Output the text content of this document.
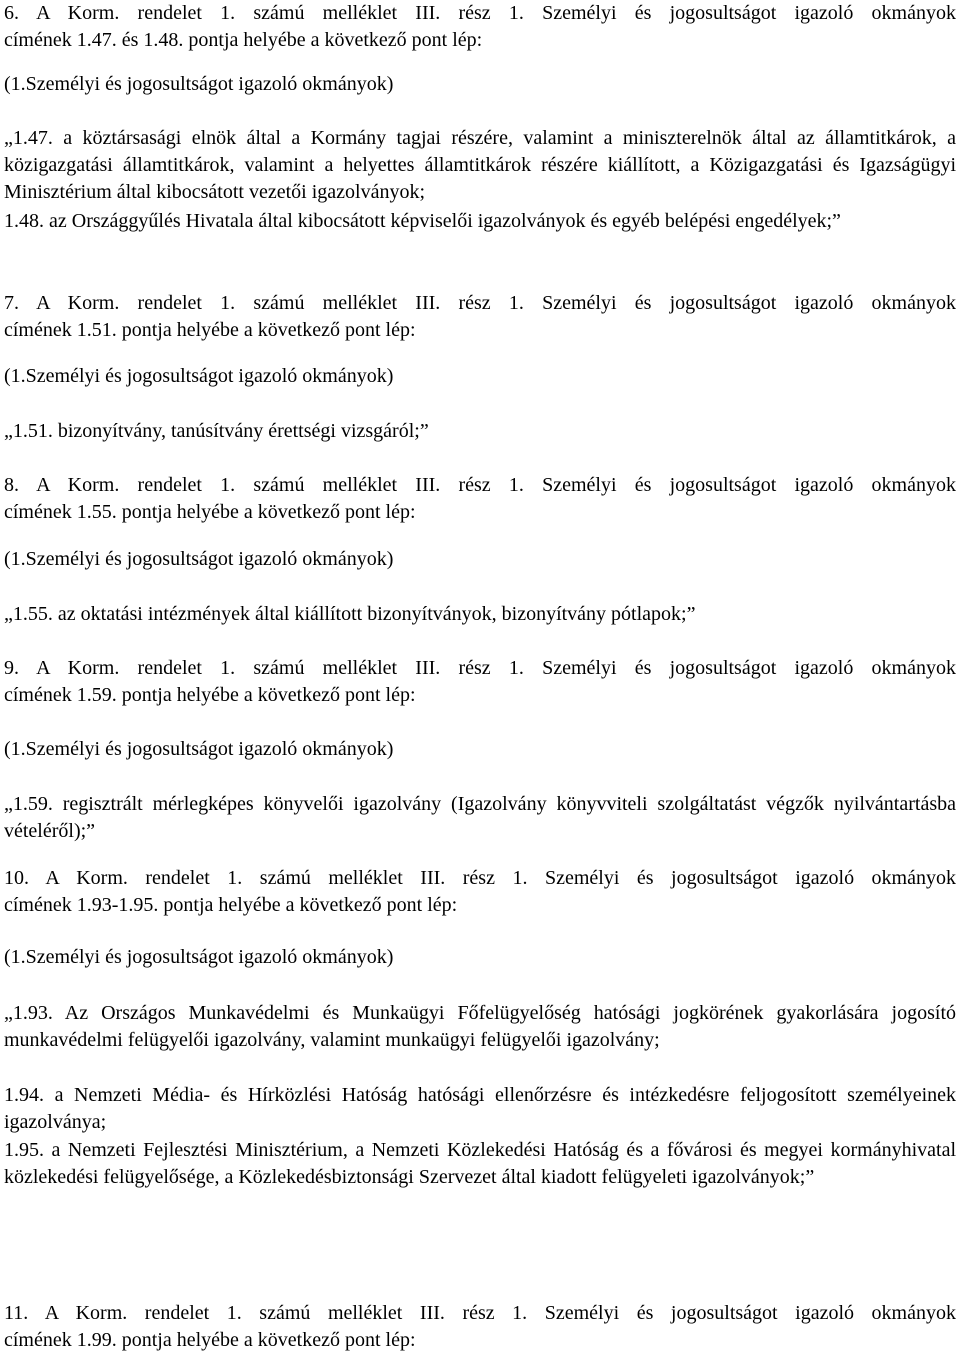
6. A Korm. rendelet 1. számú melléklet III. rész 1. Személyi és jogosultságot igazoló okmányok
címének 1.47. és 1.48. pontja helyébe a következő pont lép:

(1.Személyi és jogosultságot igazoló okmányok)

„1.47. a köztársasági elnök által a Kormány tagjai részére, valamint a miniszterelnök által az államtitkárok, a közigazgatási államtitkárok, valamint a helyettes államtitkárok részére kiállított, a Közigazgatási és Igazságügyi Minisztérium által kibocsátott vezetői igazolványok;

1.48. az Országgyűlés Hivatala által kibocsátott képviselői igazolványok és egyéb belépési engedélyek;”

7. A Korm. rendelet 1. számú melléklet III. rész 1. Személyi és jogosultságot igazoló okmányok
címének 1.51. pontja helyébe a következő pont lép:

(1.Személyi és jogosultságot igazoló okmányok)

„1.51. bizonyítvány, tanúsítvány érettségi vizsgáról;”

8. A Korm. rendelet 1. számú melléklet III. rész 1. Személyi és jogosultságot igazoló okmányok
címének 1.55. pontja helyébe a következő pont lép:

(1.Személyi és jogosultságot igazoló okmányok)

„1.55. az oktatási intézmények által kiállított bizonyítványok, bizonyítvány pótlapok;”

9. A Korm. rendelet 1. számú melléklet III. rész 1. Személyi és jogosultságot igazoló okmányok
címének 1.59. pontja helyébe a következő pont lép:

(1.Személyi és jogosultságot igazoló okmányok)

„1.59. regisztrált mérlegképes könyvelői igazolvány (Igazolvány könyvviteli szolgáltatást végzők nyilvántartásba vételéről);”

10. A Korm. rendelet 1. számú melléklet III. rész 1. Személyi és jogosultságot igazoló okmányok
címének 1.93-1.95. pontja helyébe a következő pont lép:

(1.Személyi és jogosultságot igazoló okmányok)

„1.93. Az Országos Munkavédelmi és Munkaügyi Főfelügyelőség hatósági jogkörének gyakorlására jogosító munkavédelmi felügyelői igazolvány, valamint munkaügyi felügyelői igazolvány;

1.94. a Nemzeti Média- és Hírközlési Hatóság hatósági ellenőrzésre és intézkedésre feljogosított személyeinek igazolványa;

1.95. a Nemzeti Fejlesztési Minisztérium, a Nemzeti Közlekedési Hatóság és a fővárosi és megyei kormányhivatal közlekedési felügyelősége, a Közlekedésbiztonsági Szervezet által kiadott felügyeleti igazolványok;”

11. A Korm. rendelet 1. számú melléklet III. rész 1. Személyi és jogosultságot igazoló okmányok
címének 1.99. pontja helyébe a következő pont lép:
